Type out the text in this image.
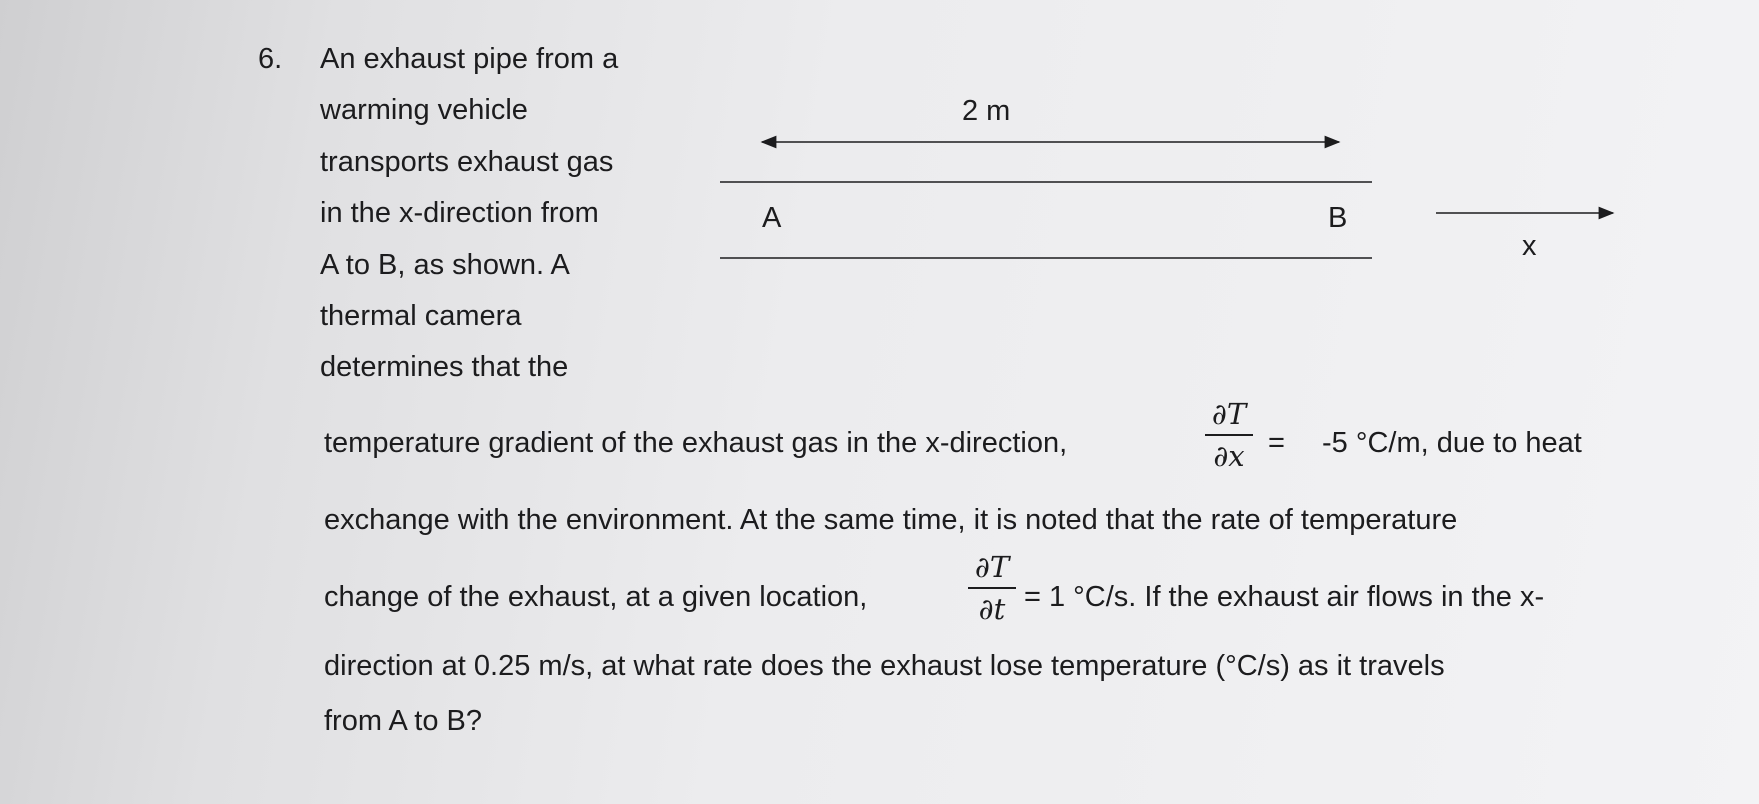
6. An exhaust pipe from a
warming vehicle
transports exhaust gas
in the x-direction from
A to B, as shown. A
thermal camera
determines that the
2 m
A	B
x
temperature gradient of the exhaust gas in the x-direction,
∂T
∂x = -5 °C/m, due to heat
exchange with the environment. At the same time, it is noted that the rate of temperature
change of the exhaust, at a given location,
∂T
∂t = 1 °C/s. If the exhaust air flows in the x-
direction at 0.25 m/s, at what rate does the exhaust lose temperature (°C/s) as it travels
from A to B?
